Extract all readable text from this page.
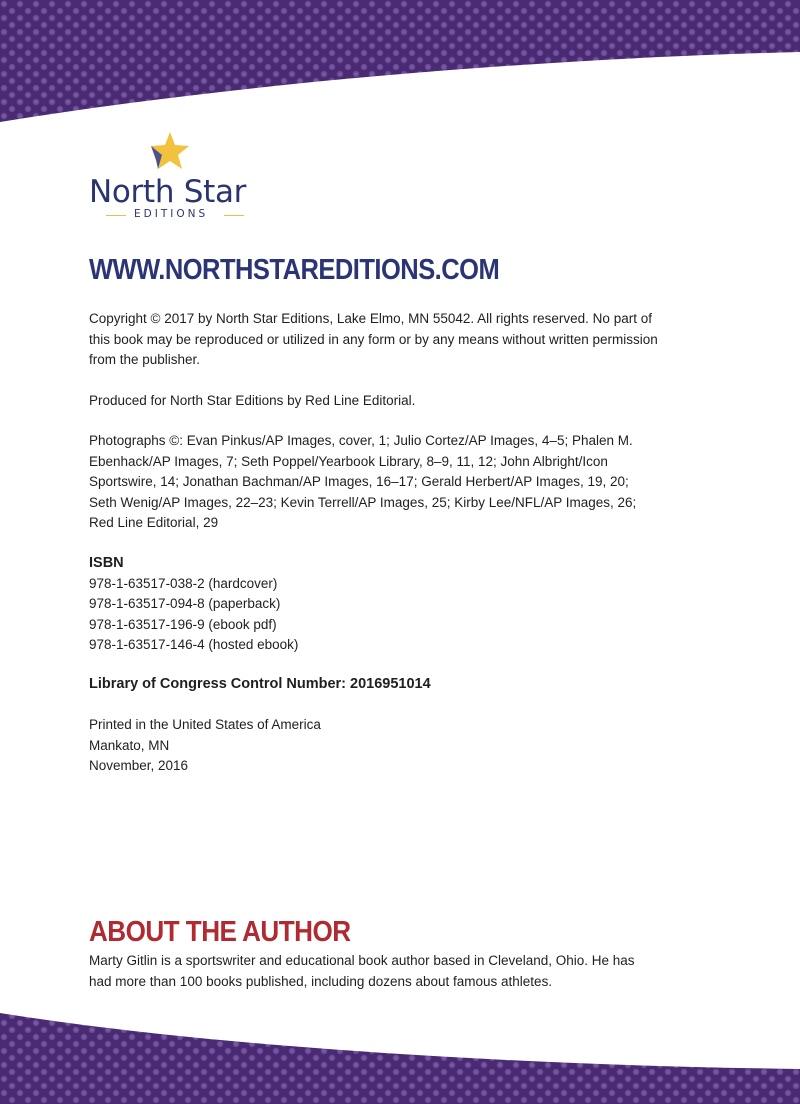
North Star
EDITIONS
WWW.NORTHSTAREDITIONS.COM
Copyright © 2017 by North Star Editions, Lake Elmo, MN 55042. All rights reserved. No part of this book may be reproduced or utilized in any form or by any means without written permission from the publisher.
Produced for North Star Editions by Red Line Editorial.
Photographs ©: Evan Pinkus/AP Images, cover, 1; Julio Cortez/AP Images, 4–5; Phalen M. Ebenhack/AP Images, 7; Seth Poppel/Yearbook Library, 8–9, 11, 12; John Albright/Icon Sportswire, 14; Jonathan Bachman/AP Images, 16–17; Gerald Herbert/AP Images, 19, 20; Seth Wenig/AP Images, 22–23; Kevin Terrell/AP Images, 25; Kirby Lee/NFL/AP Images, 26; Red Line Editorial, 29
ISBN
978-1-63517-038-2 (hardcover)
978-1-63517-094-8 (paperback)
978-1-63517-196-9 (ebook pdf)
978-1-63517-146-4 (hosted ebook)
Library of Congress Control Number: 2016951014
Printed in the United States of America
Mankato, MN
November, 2016
ABOUT THE AUTHOR
Marty Gitlin is a sportswriter and educational book author based in Cleveland, Ohio. He has had more than 100 books published, including dozens about famous athletes.
